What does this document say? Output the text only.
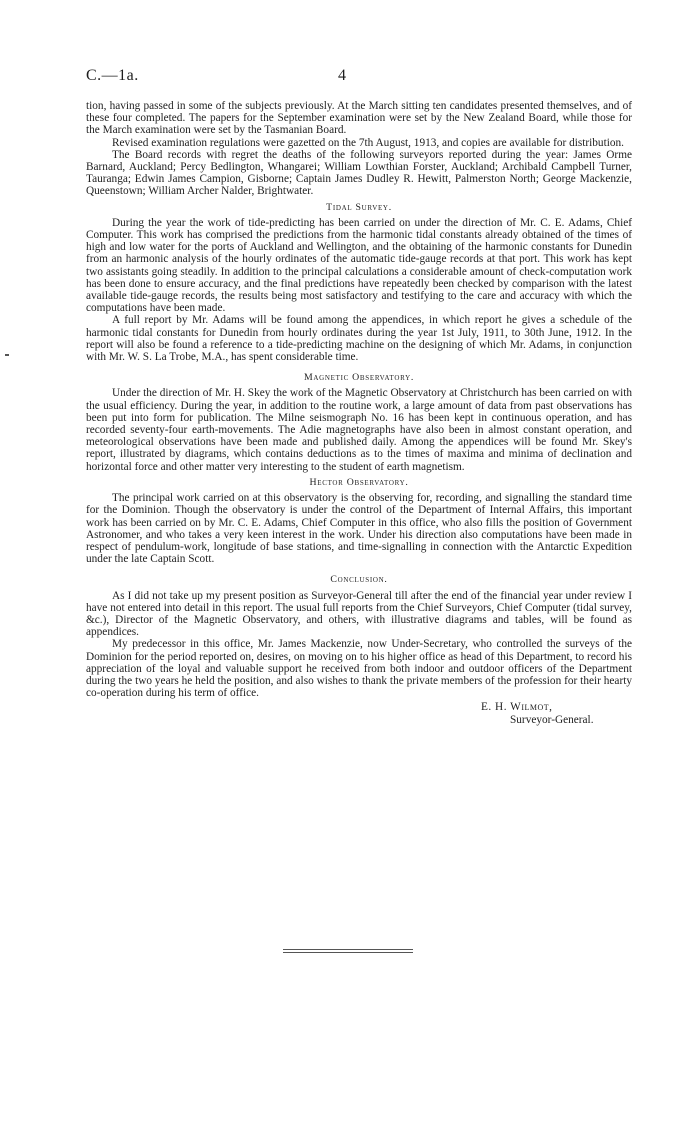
C.—1a.	4

tion, having passed in some of the subjects previously. At the March sitting ten candidates presented themselves, and of these four completed. The papers for the September examination were set by the New Zealand Board, while those for the March examination were set by the Tasmanian Board.

Revised examination regulations were gazetted on the 7th August, 1913, and copies are available for distribution.

The Board records with regret the deaths of the following surveyors reported during the year: James Orme Barnard, Auckland; Percy Bedlington, Whangarei; William Lowthian Forster, Auckland; Archibald Campbell Turner, Tauranga; Edwin James Campion, Gisborne; Captain James Dudley R. Hewitt, Palmerston North; George Mackenzie, Queenstown; William Archer Nalder, Brightwater.

Tidal Survey.

During the year the work of tide-predicting has been carried on under the direction of Mr. C. E. Adams, Chief Computer. This work has comprised the predictions from the harmonic tidal constants already obtained of the times of high and low water for the ports of Auckland and Wellington, and the obtaining of the harmonic constants for Dunedin from an harmonic analysis of the hourly ordinates of the automatic tide-gauge records at that port. This work has kept two assistants going steadily. In addition to the principal calculations a considerable amount of check-computation work has been done to ensure accuracy, and the final predictions have repeatedly been checked by comparison with the latest available tide-gauge records, the results being most satisfactory and testifying to the care and accuracy with which the computations have been made.

A full report by Mr. Adams will be found among the appendices, in which report he gives a schedule of the harmonic tidal constants for Dunedin from hourly ordinates during the year 1st July, 1911, to 30th June, 1912. In the report will also be found a reference to a tide-predicting machine on the designing of which Mr. Adams, in conjunction with Mr. W. S. La Trobe, M.A., has spent considerable time.

Magnetic Observatory.

Under the direction of Mr. H. Skey the work of the Magnetic Observatory at Christchurch has been carried on with the usual efficiency. During the year, in addition to the routine work, a large amount of data from past observations has been put into form for publication. The Milne seismograph No. 16 has been kept in continuous operation, and has recorded seventy-four earth-movements. The Adie magnetographs have also been in almost constant operation, and meteorological observations have been made and published daily. Among the appendices will be found Mr. Skey's report, illustrated by diagrams, which contains deductions as to the times of maxima and minima of declination and horizontal force and other matter very interesting to the student of earth magnetism.

Hector Observatory.

The principal work carried on at this observatory is the observing for, recording, and signalling the standard time for the Dominion. Though the observatory is under the control of the Department of Internal Affairs, this important work has been carried on by Mr. C. E. Adams, Chief Computer in this office, who also fills the position of Government Astronomer, and who takes a very keen interest in the work. Under his direction also computations have been made in respect of pendulum-work, longitude of base stations, and time-signalling in connection with the Antarctic Expedition under the late Captain Scott.

Conclusion.

As I did not take up my present position as Surveyor-General till after the end of the financial year under review I have not entered into detail in this report. The usual full reports from the Chief Surveyors, Chief Computer (tidal survey, &c.), Director of the Magnetic Observatory, and others, with illustrative diagrams and tables, will be found as appendices.

My predecessor in this office, Mr. James Mackenzie, now Under-Secretary, who controlled the surveys of the Dominion for the period reported on, desires, on moving on to his higher office as head of this Department, to record his appreciation of the loyal and valuable support he received from both indoor and outdoor officers of the Department during the two years he held the position, and also wishes to thank the private members of the profession for their hearty co-operation during his term of office.

E. H. Wilmot,
Surveyor-General.
